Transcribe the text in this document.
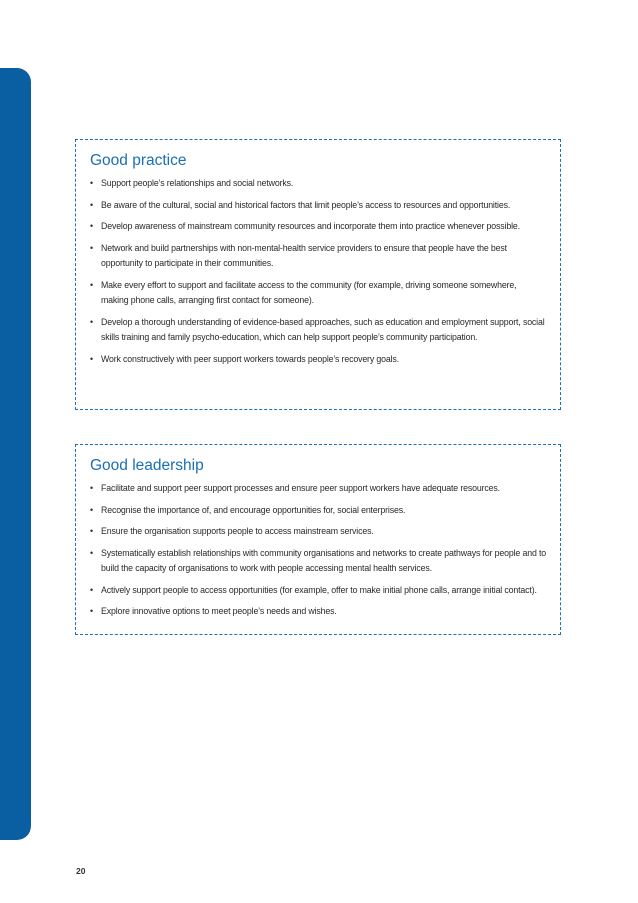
Good practice
• Support people’s relationships and social networks.
• Be aware of the cultural, social and historical factors that limit people’s access to resources and opportunities.
• Develop awareness of mainstream community resources and incorporate them into practice whenever possible.
• Network and build partnerships with non-mental-health service providers to ensure that people have the best opportunity to participate in their communities.
• Make every effort to support and facilitate access to the community (for example, driving someone somewhere, making phone calls, arranging first contact for someone).
• Develop a thorough understanding of evidence-based approaches, such as education and employment support, social skills training and family psycho-education, which can help support people’s community participation.
• Work constructively with peer support workers towards people’s recovery goals.
Good leadership
• Facilitate and support peer support processes and ensure peer support workers have adequate resources.
• Recognise the importance of, and encourage opportunities for, social enterprises.
• Ensure the organisation supports people to access mainstream services.
• Systematically establish relationships with community organisations and networks to create pathways for people and to build the capacity of organisations to work with people accessing mental health services.
• Actively support people to access opportunities (for example, offer to make initial phone calls, arrange initial contact).
• Explore innovative options to meet people’s needs and wishes.
20
